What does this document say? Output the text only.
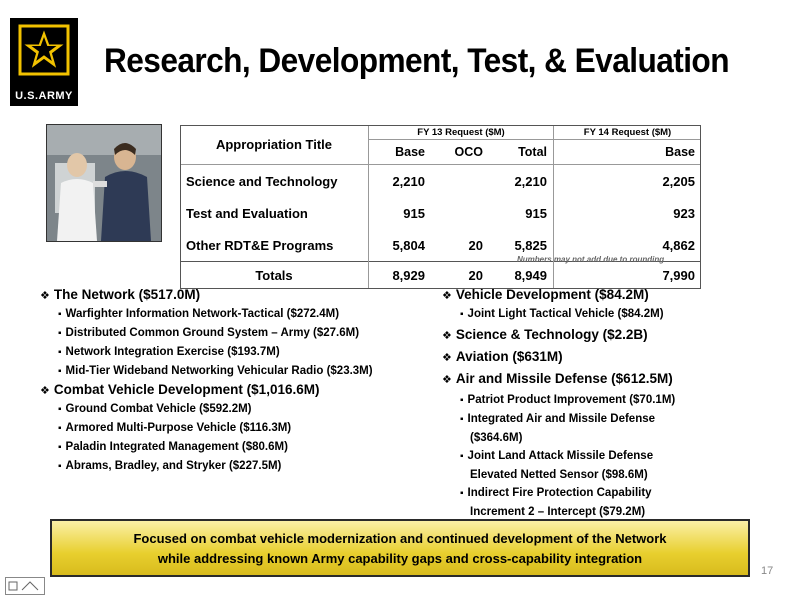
U.S.ARMY
Research, Development, Test, & Evaluation
Appropriation Title	FY 13 Request ($M)			FY 14 Request ($M)
	Base	OCO	Total	Base
Science and Technology	2,210		2,210	2,205
Test and Evaluation	915		915	923
Other RDT&E Programs	5,804	20	5,825	4,862
Totals	8,929	20	8,949	7,990
Numbers may not add due to rounding

❖ The Network ($517.0M)

▪ Warfighter Information Network-Tactical ($272.4M)

▪ Distributed Common Ground System – Army ($27.6M)

▪ Network Integration Exercise ($193.7M)

▪ Mid-Tier Wideband Networking Vehicular Radio ($23.3M)

❖ Combat Vehicle Development ($1,016.6M)

▪ Ground Combat Vehicle ($592.2M)

▪ Armored Multi-Purpose Vehicle ($116.3M)

▪ Paladin Integrated Management ($80.6M)

▪ Abrams, Bradley, and Stryker ($227.5M)

❖ Vehicle Development ($84.2M)

▪ Joint Light Tactical Vehicle ($84.2M)

❖ Science & Technology ($2.2B)

❖ Aviation ($631M)

❖ Air and Missile Defense ($612.5M)

▪ Patriot Product Improvement ($70.1M)

▪ Integrated Air and Missile Defense

($364.6M)

▪ Joint Land Attack Missile Defense

Elevated Netted Sensor ($98.6M)

▪ Indirect Fire Protection Capability

Increment 2 – Intercept ($79.2M)

Focused on combat vehicle modernization and continued development of the Network
while addressing known Army capability gaps and cross-capability integration
17
